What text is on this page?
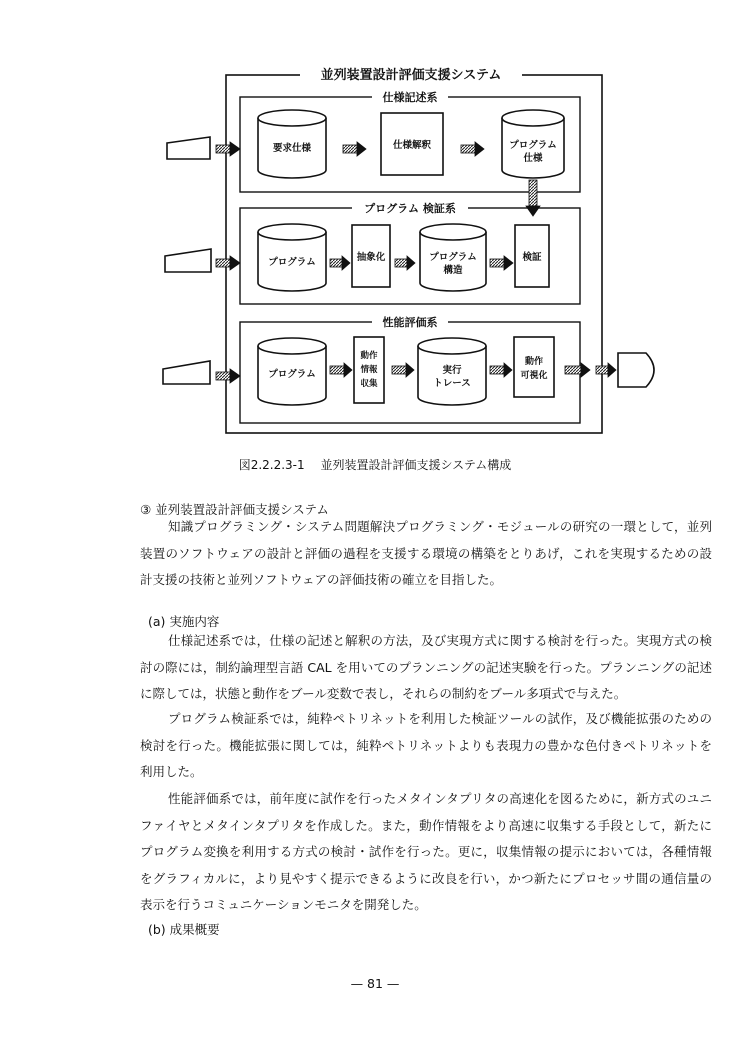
並列装置設計評価支援システム
仕様記述系
要求仕様	仕様解釈	プログラム
仕様
プログラム 検証系
プログラム	抽象化	プログラム
構造
検証
性能評価系
プログラム
動作
情報
収集
実行
トレース
動作
可視化
図2.2.2.3-1 並列装置設計評価支援システム構成
③ 並列装置設計評価支援システム

知識プログラミング・システム問題解決プログラミング・モジュールの研究の一環として，並列装置のソフトウェアの設計と評価の過程を支援する環境の構築をとりあげ，これを実現するための設計支援の技術と並列ソフトウェアの評価技術の確立を目指した。

(a) 実施内容

仕様記述系では，仕様の記述と解釈の方法，及び実現方式に関する検討を行った。実現方式の検討の際には，制約論理型言語 CAL を用いてのプランニングの記述実験を行った。プランニングの記述に際しては，状態と動作をブール変数で表し，それらの制約をブール多項式で与えた。

プログラム検証系では，純粋ペトリネットを利用した検証ツールの試作，及び機能拡張のための検討を行った。機能拡張に関しては，純粋ペトリネットよりも表現力の豊かな色付きペトリネットを利用した。

性能評価系では，前年度に試作を行ったメタインタプリタの高速化を図るために，新方式のユニファイヤとメタインタプリタを作成した。また，動作情報をより高速に収集する手段として，新たにプログラム変換を利用する方式の検討・試作を行った。更に，収集情報の提示においては，各種情報をグラフィカルに，より見やすく提示できるように改良を行い，かつ新たにプロセッサ間の通信量の表示を行うコミュニケーションモニタを開発した。

(b) 成果概要
— 81 —
